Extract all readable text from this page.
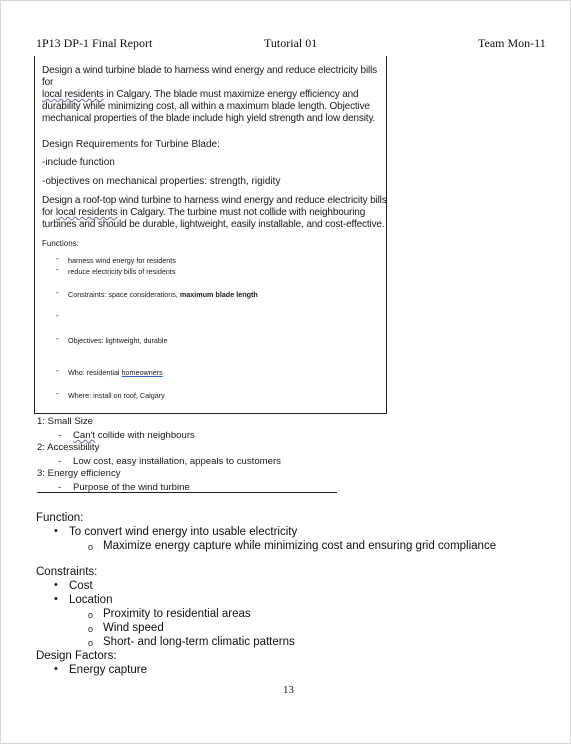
1P13 DP-1 Final Report	Tutorial 01	Team Mon-11
Design a wind turbine blade to harness wind energy and reduce electricity bills for
local residents in Calgary. The blade must maximize energy efficiency and durability while minimizing cost, all within a maximum blade length. Objective mechanical properties of the blade include high yield strength and low density.
Design Requirements for Turbine Blade:
-include function
-objectives on mechanical properties: strength, rigidity
Design a roof-top wind turbine to harness wind energy and reduce electricity bills for local residents in Calgary. The turbine must not collide with neighbouring turbines and should be durable, lightweight, easily installable, and cost-effective.
Functions:
- harness wind energy for residents
- reduce electricity bills of residents
- Constraints: space considerations, maximum blade length
-
- Objectives: lightweight, durable
- Who: residential homeowners
- Where: install on roof, Calgary
1: Small Size
- Can't collide with neighbours
2: Accessibility
- Low cost, easy installation, appeals to customers
3: Energy efficiency
- Purpose of the wind turbine
Function:
• To convert wind energy into usable electricity
o Maximize energy capture while minimizing cost and ensuring grid compliance
Constraints:
• Cost
• Location
o Proximity to residential areas
o Wind speed
o Short- and long-term climatic patterns
Design Factors:
• Energy capture
13
